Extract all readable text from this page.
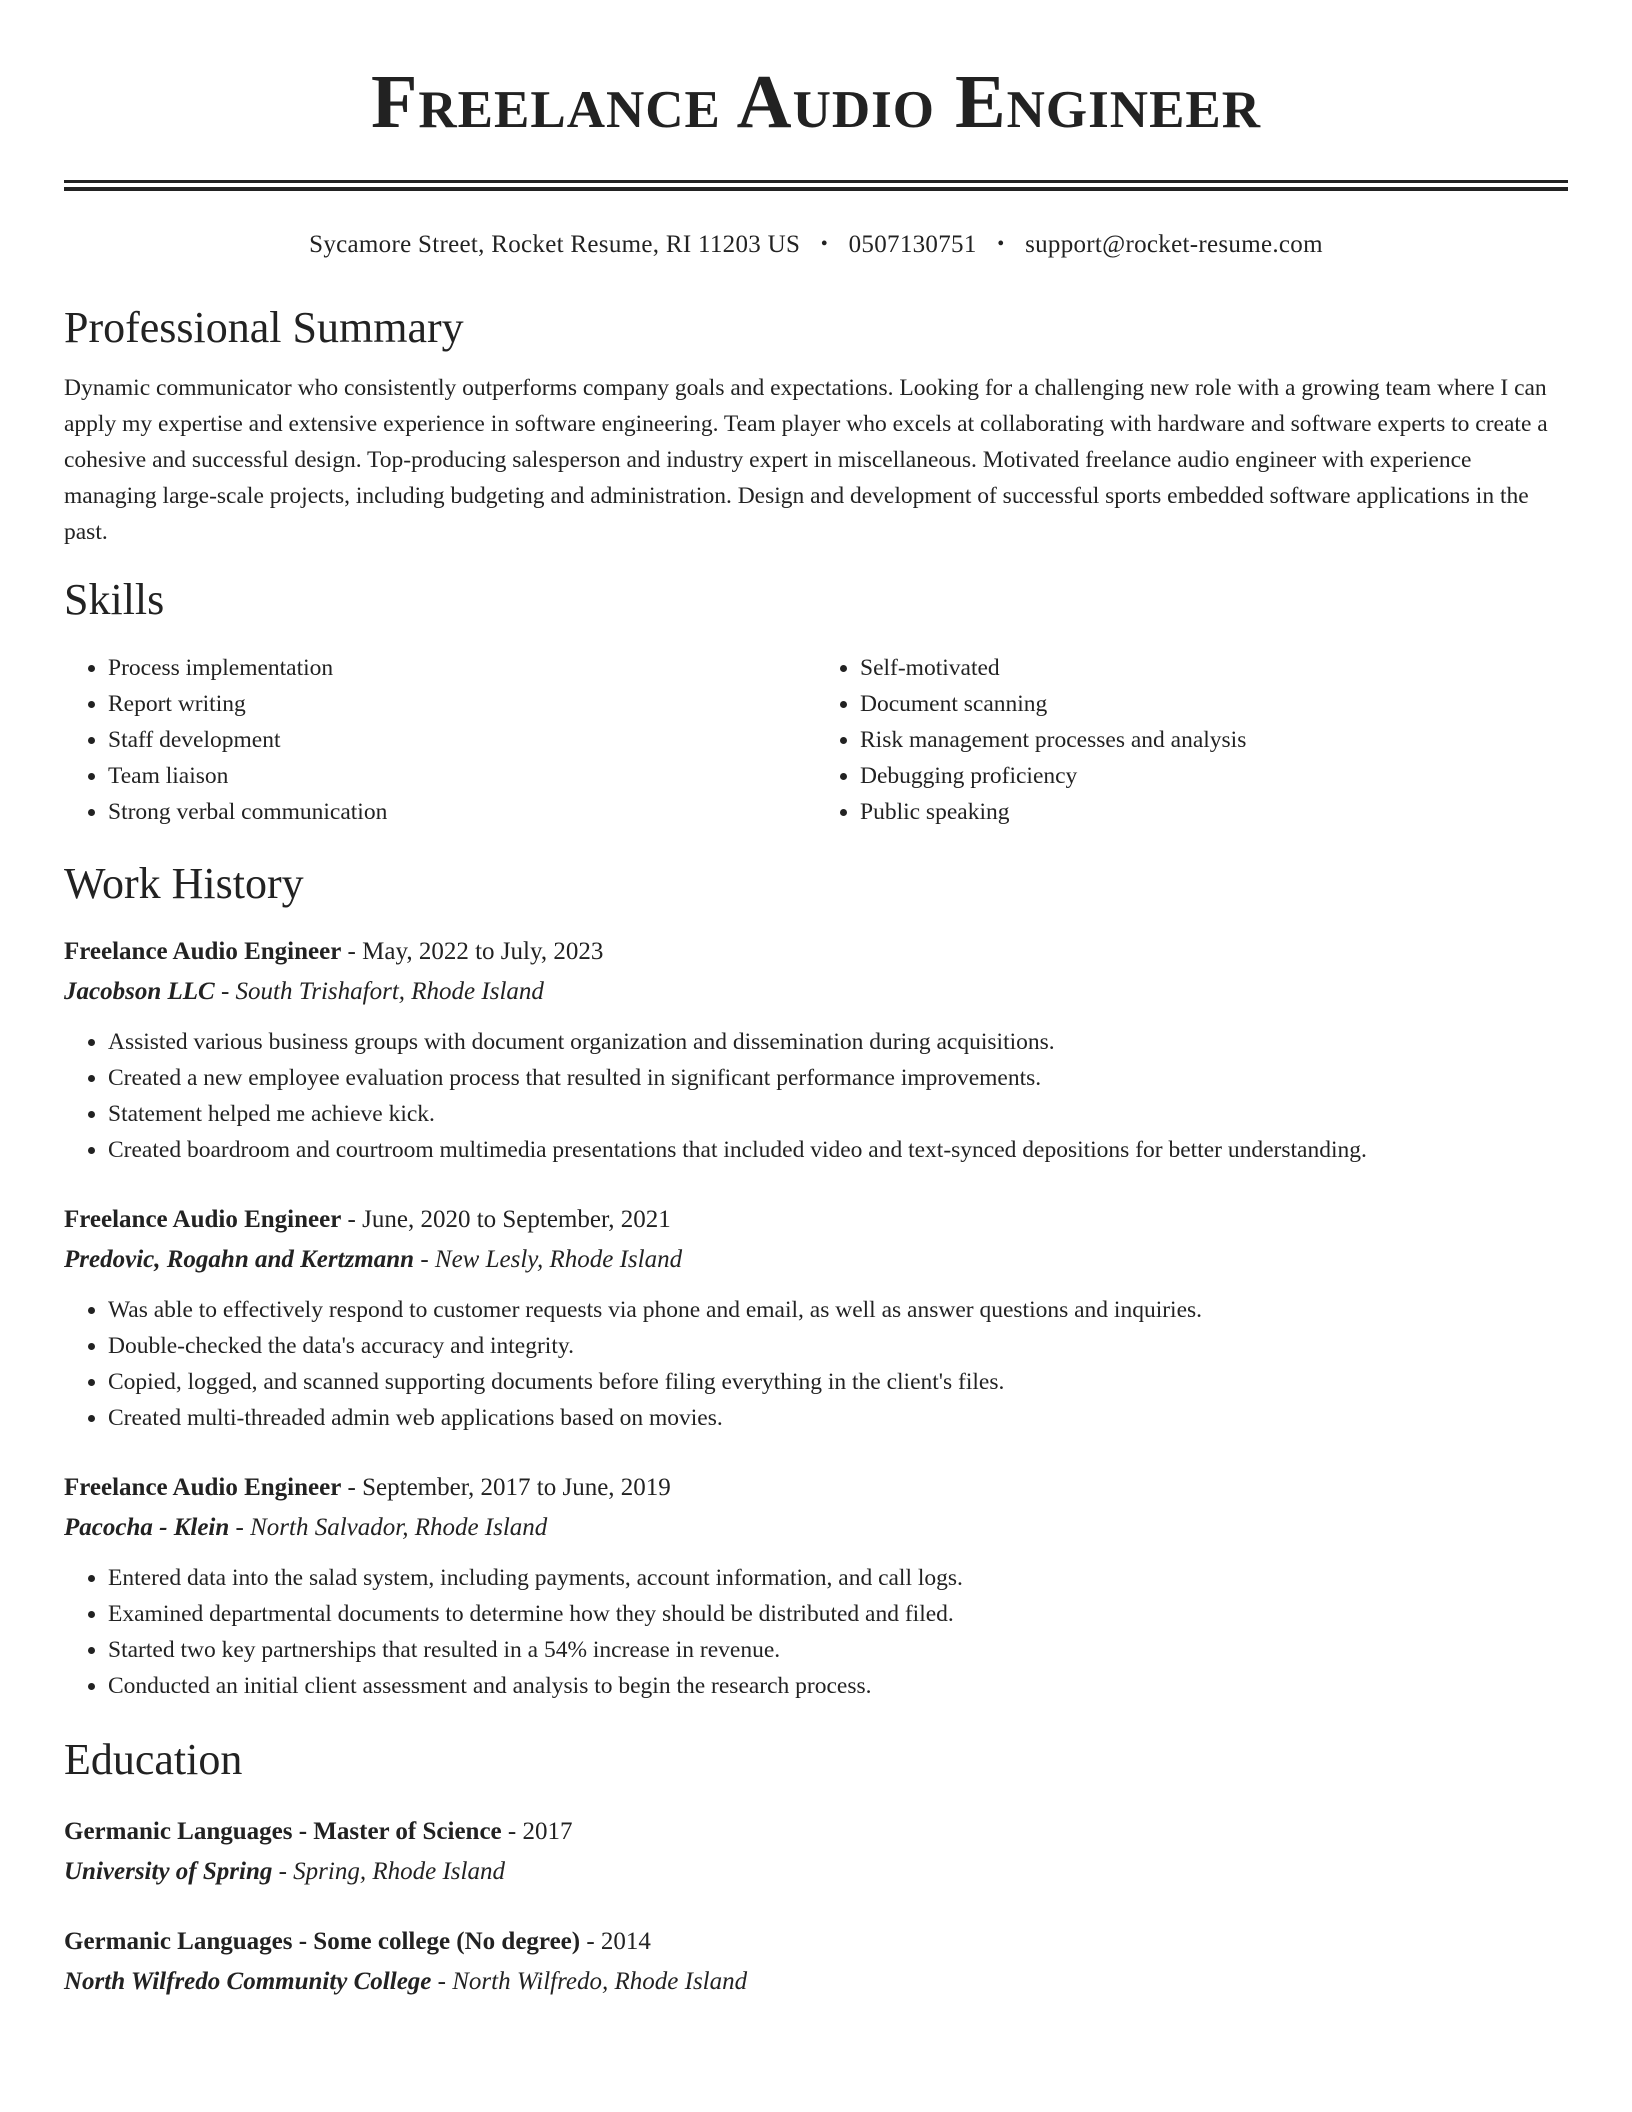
Freelance Audio Engineer
Sycamore Street, Rocket Resume, RI 11203 US • 0507130751 • support@rocket-resume.com
Professional Summary

Dynamic communicator who consistently outperforms company goals and expectations. Looking for a challenging new role with a growing team where I can apply my expertise and extensive experience in software engineering. Team player who excels at collaborating with hardware and software experts to create a cohesive and successful design. Top-producing salesperson and industry expert in miscellaneous. Motivated freelance audio engineer with experience managing large-scale projects, including budgeting and administration. Design and development of successful sports embedded software applications in the past.

Skills
• Process implementation
• Report writing
• Staff development
• Team liaison
• Strong verbal communication
• Self-motivated
• Document scanning
• Risk management processes and analysis
• Debugging proficiency
• Public speaking
Work History

Freelance Audio Engineer - May, 2022 to July, 2023

Jacobson LLC - South Trishafort, Rhode Island

• Assisted various business groups with document organization and dissemination during acquisitions.
• Created a new employee evaluation process that resulted in significant performance improvements.
• Statement helped me achieve kick.
• Created boardroom and courtroom multimedia presentations that included video and text-synced depositions for better understanding.

Freelance Audio Engineer - June, 2020 to September, 2021

Predovic, Rogahn and Kertzmann - New Lesly, Rhode Island

• Was able to effectively respond to customer requests via phone and email, as well as answer questions and inquiries.
• Double-checked the data's accuracy and integrity.
• Copied, logged, and scanned supporting documents before filing everything in the client's files.
• Created multi-threaded admin web applications based on movies.

Freelance Audio Engineer - September, 2017 to June, 2019

Pacocha - Klein - North Salvador, Rhode Island

• Entered data into the salad system, including payments, account information, and call logs.
• Examined departmental documents to determine how they should be distributed and filed.
• Started two key partnerships that resulted in a 54% increase in revenue.
• Conducted an initial client assessment and analysis to begin the research process.
Education

Germanic Languages - Master of Science - 2017

University of Spring - Spring, Rhode Island

Germanic Languages - Some college (No degree) - 2014

North Wilfredo Community College - North Wilfredo, Rhode Island
